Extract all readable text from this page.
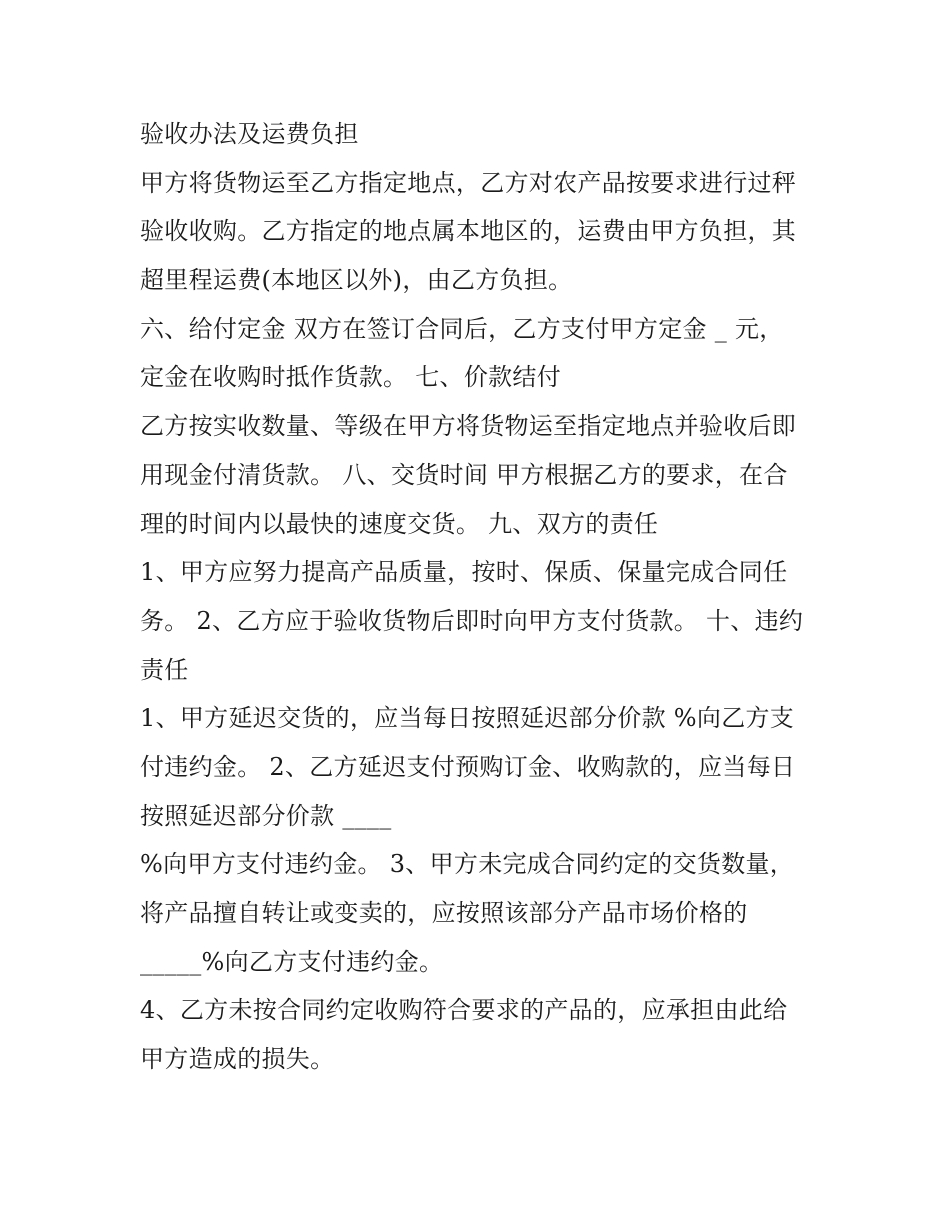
验收办法及运费负担
甲方将货物运至乙方指定地点，乙方对农产品按要求进行过秤
验收收购。乙方指定的地点属本地区的，运费由甲方负担，其
超里程运费(本地区以外)，由乙方负担。
六、给付定金 双方在签订合同后，乙方支付甲方定金 _ 元，
定金在收购时抵作货款。 七、价款结付
乙方按实收数量、等级在甲方将货物运至指定地点并验收后即
用现金付清货款。 八、交货时间 甲方根据乙方的要求，在合
理的时间内以最快的速度交货。 九、双方的责任
1、甲方应努力提高产品质量，按时、保质、保量完成合同任
务。 2、乙方应于验收货物后即时向甲方支付货款。 十、违约
责任
1、甲方延迟交货的，应当每日按照延迟部分价款 %向乙方支
付违约金。 2、乙方延迟支付预购订金、收购款的，应当每日
按照延迟部分价款 ____
%向甲方支付违约金。 3、甲方未完成合同约定的交货数量，
将产品擅自转让或变卖的，应按照该部分产品市场价格的
_____%向乙方支付违约金。
4、乙方未按合同约定收购符合要求的产品的，应承担由此给
甲方造成的损失。
